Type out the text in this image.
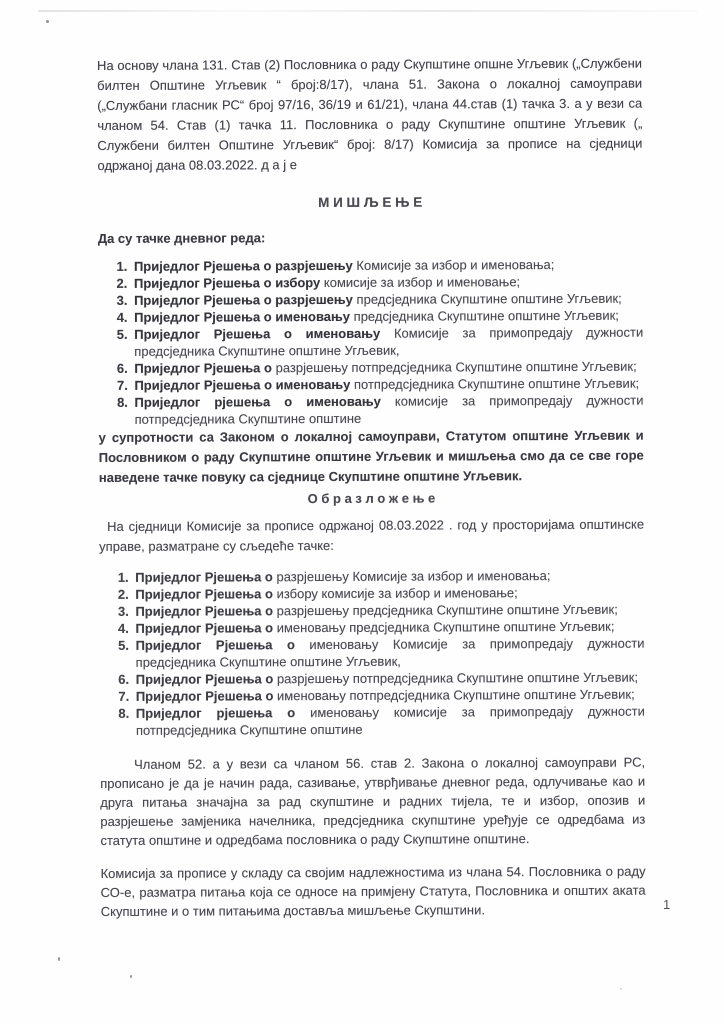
На основу члана 131. Став (2) Пословника о раду Скупштине опшне Угљевик („Службени билтен Општине Угљевик “ број:8/17), члана 51. Закона о локалној самоуправи („Службани гласник РС“ број 97/16, 36/19 и 61/21), члана 44.став (1) тачка 3. а у вези са чланом 54. Став (1) тачка 11. Пословника о раду Скупштине општине Угљевик („ Службени билтен Општине Угљевик“ број: 8/17) Комисија за прописе на сједници одржаној дана 08.03.2022. д а ј е

М И Ш Љ Е Њ Е

Да су тачке дневног реда:

1. Приједлог Рјешења о разрјешењу Комисије за избор и именовања;
2. Приједлог Рјешења о избору комисије за избор и именовање;
3. Приједлог Рјешења о разрјешењу предсједника Скупштине општине Угљевик;
4. Приједлог Рјешења о именовању предсједника Скупштине општине Угљевик;
5. Приједлог Рјешења о именовању Комисије за примопредају дужности предсједника Скупштине општине Угљевик,
6. Приједлог Рјешења о разрјешењу потпредсједника Скупштине општине Угљевик;
7. Приједлог Рјешења о именовању потпредсједника Скупштине општине Угљевик;
8. Приједлог рјешења о именовању комисије за примопредају дужности потпредсједника Скупштине општине

у супротности са Законом о локалној самоуправи, Статутом општине Угљевик и Пословником о раду Скупштине општине Угљевик и мишљења смо да се све горе наведене тачке повуку са сједнице Скупштине општине Угљевик.

О б р а з л о ж е њ е

На сједници Комисије за прописе одржаној 08.03.2022 . год у просторијама општинске управе, разматране су сљедеће тачке:

1. Приједлог Рјешења о разрјешењу Комисије за избор и именовања;
2. Приједлог Рјешења о избору комисије за избор и именовање;
3. Приједлог Рјешења о разрјешењу предсједника Скупштине општине Угљевик;
4. Приједлог Рјешења о именовању предсједника Скупштине општине Угљевик;
5. Приједлог Рјешења о именовању Комисије за примопредају дужности предсједника Скупштине општине Угљевик,
6. Приједлог Рјешења о разрјешењу потпредсједника Скупштине општине Угљевик;
7. Приједлог Рјешења о именовању потпредсједника Скупштине општине Угљевик;
8. Приједлог рјешења о именовању комисије за примопредају дужности потпредсједника Скупштине општине

Чланом 52. а у вези са чланом 56. став 2. Закона о локалној самоуправи РС, прописано је да је начин рада, сазивање, утврђивање дневног реда, одлучивање као и друга питања значајна за рад скупштине и радних тијела, те и избор, опозив и разрјешење замјеника начелника, предсједника скупштине уређује се одредбама из статута општине и одредбама пословника о раду Скупштине општине.

Комисија за прописе у складу са својим надлежностима из члана 54. Пословника о раду СО-е, разматра питања која се односе на примјену Статута, Пословника и општих аката Скупштине и о тим питањима доставља мишљење Скупштини.	1
